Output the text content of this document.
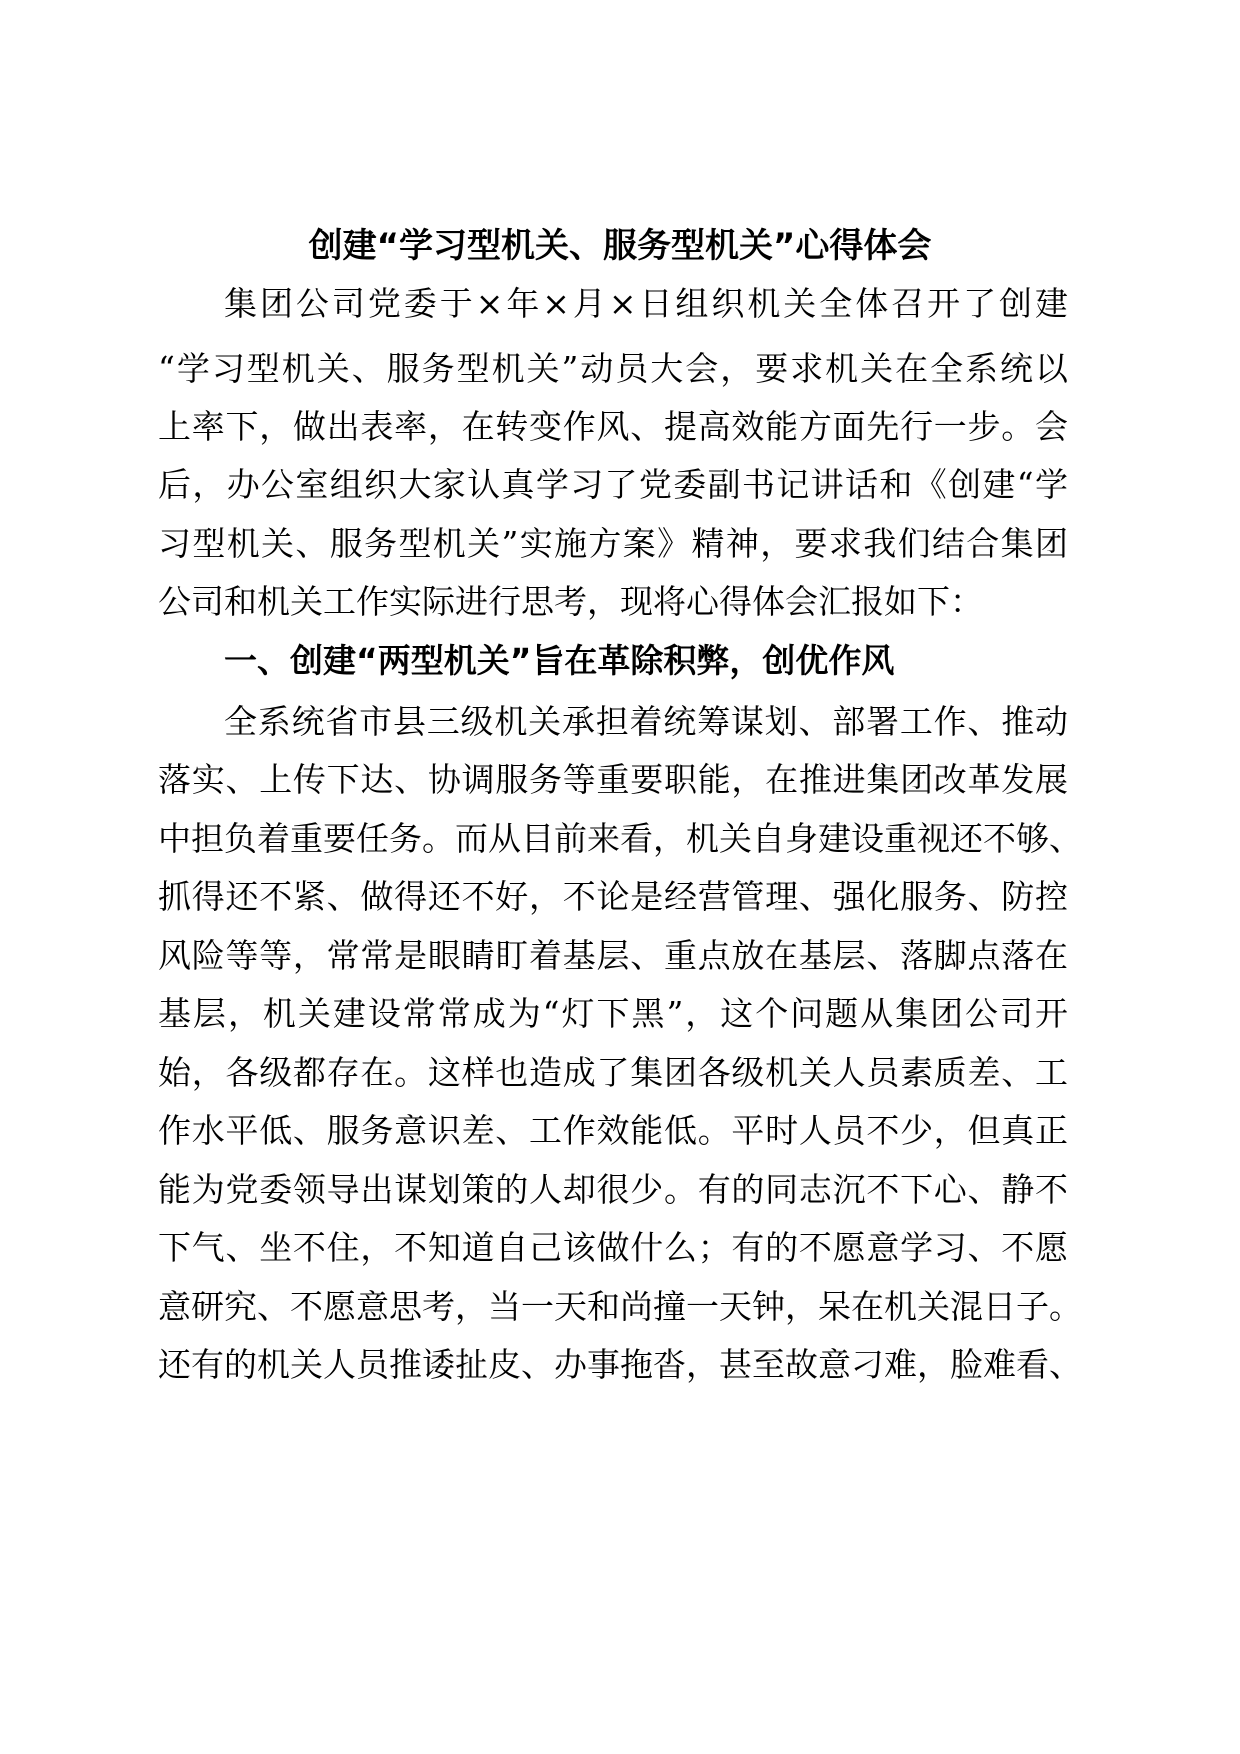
创建“学习型机关、服务型机关”心得体会
集团公司党委于×年×月×日组织机关全体召开了创建
“学习型机关、服务型机关”动员大会，要求机关在全系统以
上率下，做出表率，在转变作风、提高效能方面先行一步。会
后，办公室组织大家认真学习了党委副书记讲话和《创建“学
习型机关、服务型机关”实施方案》精神，要求我们结合集团
公司和机关工作实际进行思考，现将心得体会汇报如下：
一、创建“两型机关”旨在革除积弊，创优作风
全系统省市县三级机关承担着统筹谋划、部署工作、推动
落实、上传下达、协调服务等重要职能，在推进集团改革发展
中担负着重要任务。而从目前来看，机关自身建设重视还不够、
抓得还不紧、做得还不好，不论是经营管理、强化服务、防控
风险等等，常常是眼睛盯着基层、重点放在基层、落脚点落在
基层，机关建设常常成为“灯下黑”，这个问题从集团公司开
始，各级都存在。这样也造成了集团各级机关人员素质差、工
作水平低、服务意识差、工作效能低。平时人员不少，但真正
能为党委领导出谋划策的人却很少。有的同志沉不下心、静不
下气、坐不住，不知道自己该做什么；有的不愿意学习、不愿
意研究、不愿意思考，当一天和尚撞一天钟，呆在机关混日子。
还有的机关人员推诿扯皮、办事拖沓，甚至故意刁难，脸难看、
